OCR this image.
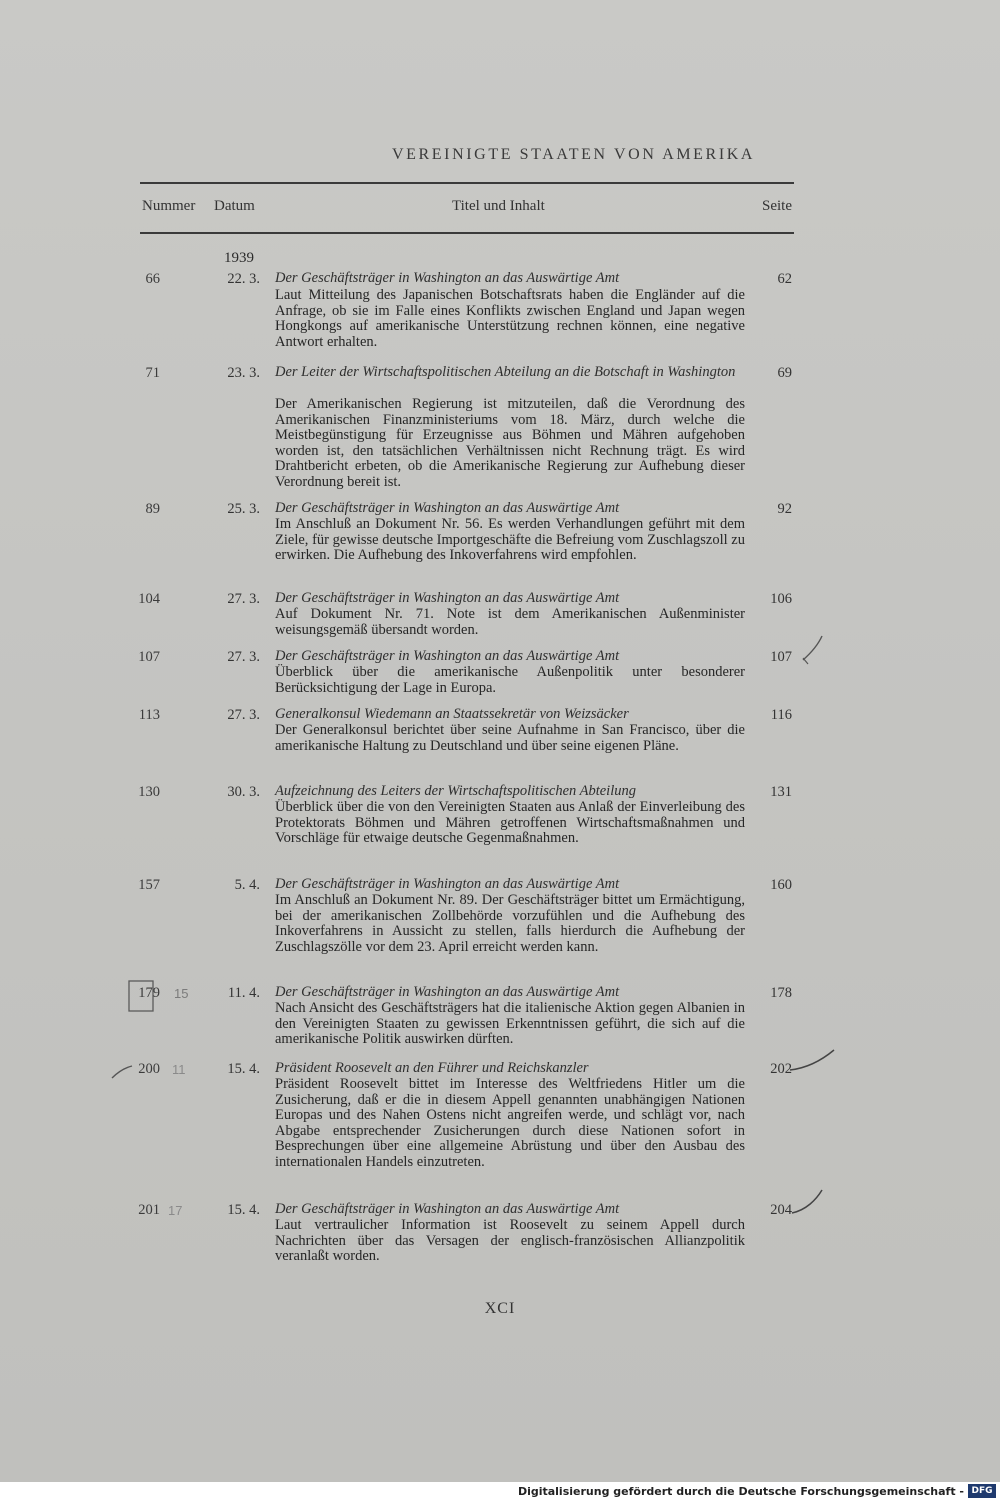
VEREINIGTE STAATEN VON AMERIKA
Nummer Datum	Titel und Inhalt	Seite
1939
66	22. 3. Der Geschäftsträger in Washington an das Auswärtige Amt
Laut Mitteilung des Japanischen Botschaftsrats haben die Engländer auf die Anfrage, ob sie im Falle eines Konflikts zwischen England und Japan wegen Hongkongs auf amerikanische Unterstützung rechnen können, eine negative Antwort erhalten.
62
71	23. 3. Der Leiter der Wirtschaftspolitischen Abteilung an die Botschaft in Washington
Der Amerikanischen Regierung ist mitzuteilen, daß die Verordnung des Amerikanischen Finanzministeriums vom 18. März, durch welche die Meistbegünstigung für Erzeugnisse aus Böhmen und Mähren aufgehoben worden ist, den tatsächlichen Verhältnissen nicht Rechnung trägt. Es wird Drahtbericht erbeten, ob die Amerikanische Regierung zur Aufhebung dieser Verordnung bereit ist.
69
89	25. 3. Der Geschäftsträger in Washington an das Auswärtige Amt
Im Anschluß an Dokument Nr. 56. Es werden Verhandlungen geführt mit dem Ziele, für gewisse deutsche Importgeschäfte die Befreiung vom Zuschlagszoll zu erwirken. Die Aufhebung des Inkoverfahrens wird empfohlen.
92
104	27. 3. Der Geschäftsträger in Washington an das Auswärtige Amt
Auf Dokument Nr. 71. Note ist dem Amerikanischen Außenminister weisungsgemäß übersandt worden.
106
107	27. 3. Der Geschäftsträger in Washington an das Auswärtige Amt
Überblick über die amerikanische Außenpolitik unter besonderer Berücksichtigung der Lage in Europa.
107
113	27. 3. Generalkonsul Wiedemann an Staatssekretär von Weizsäcker
Der Generalkonsul berichtet über seine Aufnahme in San Francisco, über die amerikanische Haltung zu Deutschland und über seine eigenen Pläne.
116
130	30. 3. Aufzeichnung des Leiters der Wirtschaftspolitischen Abteilung
Überblick über die von den Vereinigten Staaten aus Anlaß der Einverleibung des Protektorats Böhmen und Mähren getroffenen Wirtschaftsmaßnahmen und Vorschläge für etwaige deutsche Gegenmaßnahmen.
131
157	5. 4. Der Geschäftsträger in Washington an das Auswärtige Amt
Im Anschluß an Dokument Nr. 89. Der Geschäftsträger bittet um Ermächtigung, bei der amerikanischen Zollbehörde vorzufühlen und die Aufhebung des Inkoverfahrens in Aussicht zu stellen, falls hierdurch die Aufhebung der Zuschlagszölle vor dem 23. April erreicht werden kann.
160
179	11. 4. Der Geschäftsträger in Washington an das Auswärtige Amt
Nach Ansicht des Geschäftsträgers hat die italienische Aktion gegen Albanien in den Vereinigten Staaten zu gewissen Erkenntnissen geführt, die sich auf die amerikanische Politik auswirken dürften.
178
200	15. 4. Präsident Roosevelt an den Führer und Reichskanzler
Präsident Roosevelt bittet im Interesse des Weltfriedens Hitler um die Zusicherung, daß er die in diesem Appell genannten unabhängigen Nationen Europas und des Nahen Ostens nicht angreifen werde, und schlägt vor, nach Abgabe entsprechender Zusicherungen durch diese Nationen sofort in Besprechungen über eine allgemeine Abrüstung und über den Ausbau des internationalen Handels einzutreten.
202
201	15. 4. Der Geschäftsträger in Washington an das Auswärtige Amt
Laut vertraulicher Information ist Roosevelt zu seinem Appell durch Nachrichten über das Versagen der englisch-französischen Allianzpolitik veranlaßt worden.
204
15
11
17
XCI
Digitalisierung gefördert durch die Deutsche Forschungsgemeinschaft - DFG
